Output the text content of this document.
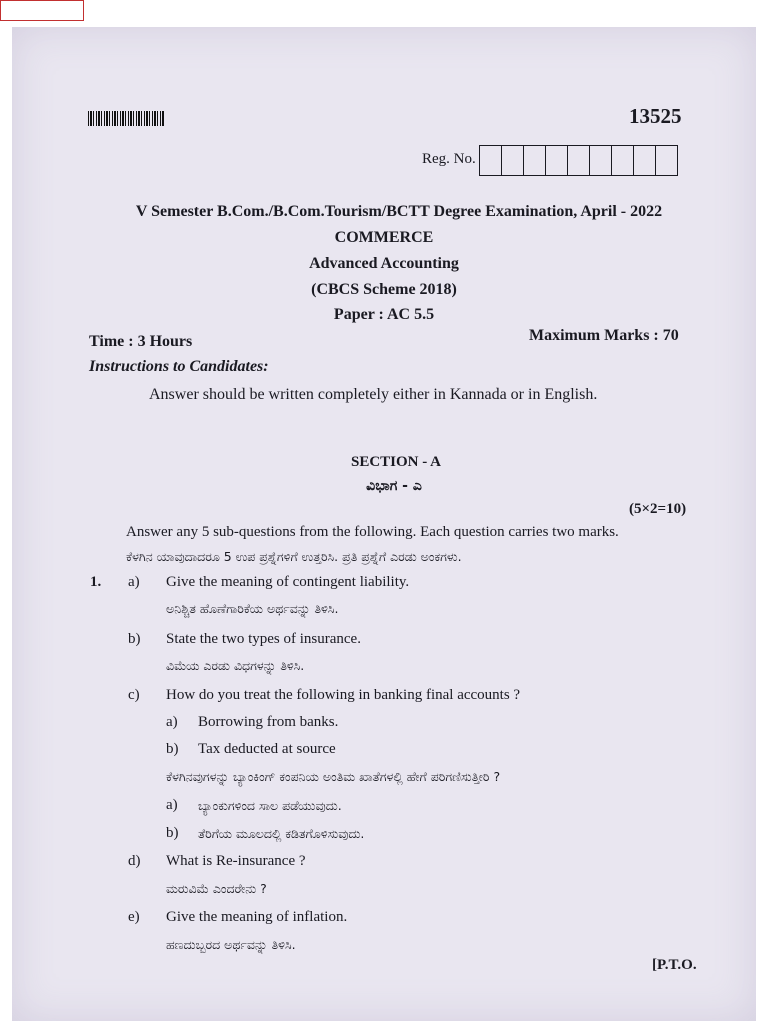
13525
Reg. No.
V Semester B.Com./B.Com.Tourism/BCTT Degree Examination, April - 2022
COMMERCE
Advanced Accounting
(CBCS Scheme 2018)
Paper : AC 5.5
Time : 3 Hours	Maximum Marks : 70
Instructions to Candidates:
Answer should be written completely either in Kannada or in English.
SECTION - A
ವಿಭಾಗ - ಎ
(5×2=10)
Answer any 5 sub-questions from the following. Each question carries two marks.
ಕೆಳಗಿನ ಯಾವುದಾದರೂ 5 ಉಪ ಪ್ರಶ್ನೆಗಳಿಗೆ ಉತ್ತರಿಸಿ. ಪ್ರತಿ ಪ್ರಶ್ನೆಗೆ ಎರಡು ಅಂಕಗಳು.
1. a) Give the meaning of contingent liability.
ಅನಿಶ್ಚಿತ ಹೊಣೆಗಾರಿಕೆಯ ಅರ್ಥವನ್ನು ತಿಳಿಸಿ.
b) State the two types of insurance.
ವಿಮೆಯ ಎರಡು ವಿಧಗಳನ್ನು ತಿಳಿಸಿ.
c) How do you treat the following in banking final accounts ?
a) Borrowing from banks.
b) Tax deducted at source
ಕೆಳಗಿನವುಗಳನ್ನು ಬ್ಯಾಂಕಿಂಗ್ ಕಂಪನಿಯ ಅಂತಿಮ ಖಾತೆಗಳಲ್ಲಿ ಹೇಗೆ ಪರಿಗಣಿಸುತ್ತೀರಿ ?
a) ಬ್ಯಾಂಕುಗಳಿಂದ ಸಾಲ ಪಡೆಯುವುದು.
b) ತೆರಿಗೆಯ ಮೂಲದಲ್ಲಿ ಕಡಿತಗೊಳಿಸುವುದು.
d) What is Re-insurance ?
ಮರುವಿಮೆ ಎಂದರೇನು ?
e) Give the meaning of inflation.
ಹಣದುಬ್ಬರದ ಅರ್ಥವನ್ನು ತಿಳಿಸಿ.
[P.T.O.
